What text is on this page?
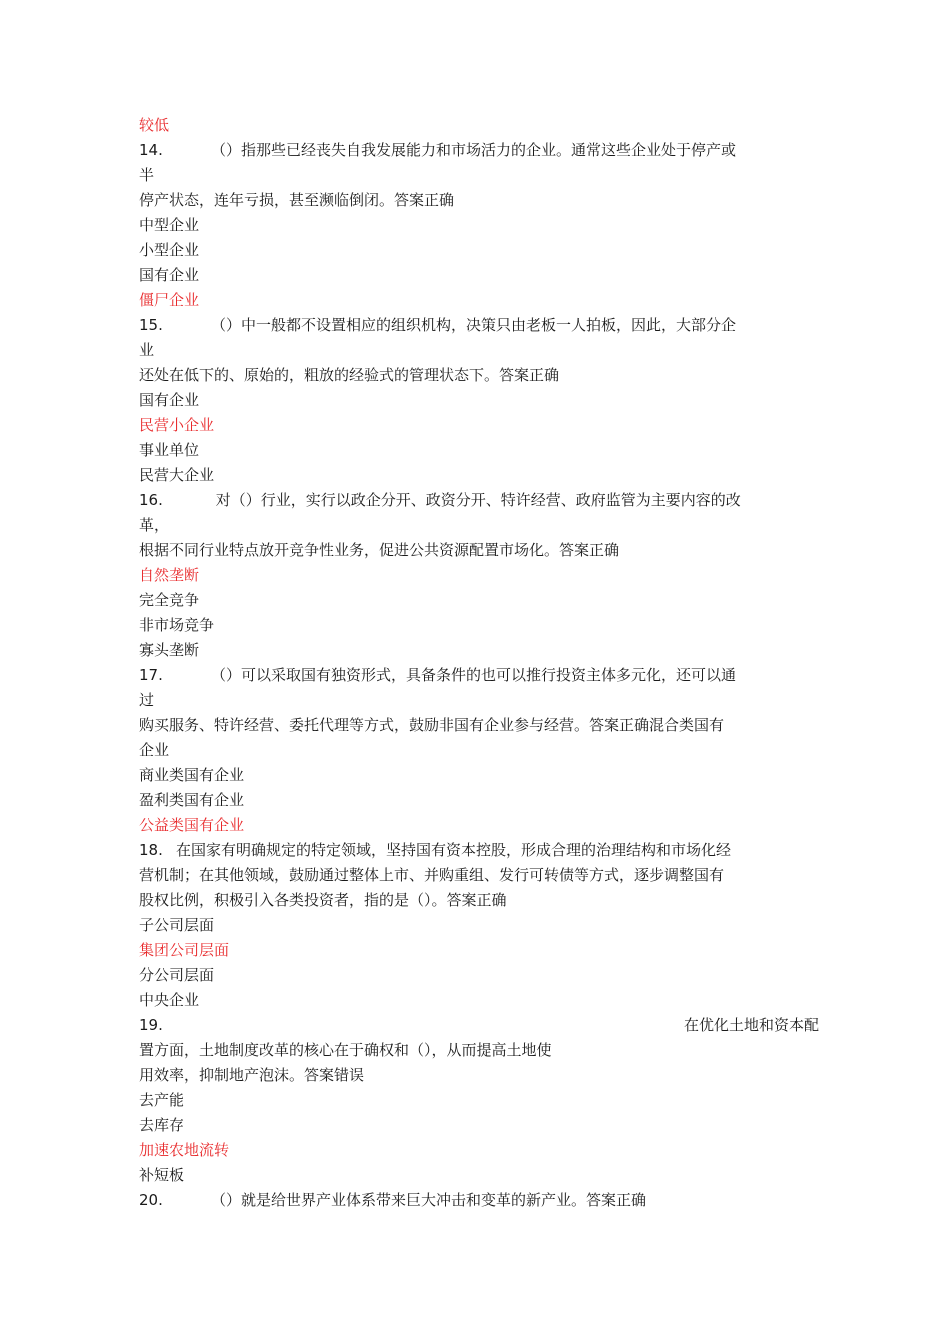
较低
14.	（）指那些已经丧失自我发展能力和市场活力的企业。通常这些企业处于停产或
半
停产状态，连年亏损，甚至濒临倒闭。答案正确
中型企业
小型企业
国有企业
僵尸企业
15.	（）中一般都不设置相应的组织机构，决策只由老板一人拍板，因此，大部分企
业
还处在低下的、原始的，粗放的经验式的管理状态下。答案正确
国有企业
民营小企业
事业单位
民营大企业
16.	对（）行业，实行以政企分开、政资分开、特许经营、政府监管为主要内容的改
革，
根据不同行业特点放开竞争性业务，促进公共资源配置市场化。答案正确
自然垄断
完全竞争
非市场竞争
寡头垄断
17.	（）可以采取国有独资形式，具备条件的也可以推行投资主体多元化，还可以通
过
购买服务、特许经营、委托代理等方式，鼓励非国有企业参与经营。答案正确混合类国有
企业
商业类国有企业
盈利类国有企业
公益类国有企业
18. 在国家有明确规定的特定领域，坚持国有资本控股，形成合理的治理结构和市场化经
营机制；在其他领域，鼓励通过整体上市、并购重组、发行可转债等方式，逐步调整国有
股权比例，积极引入各类投资者，指的是（）。答案正确
子公司层面
集团公司层面
分公司层面
中央企业
19.	在优化土地和资本配
置方面，土地制度改革的核心在于确权和（），从而提高土地使
用效率，抑制地产泡沫。答案错误
去产能
去库存
加速农地流转
补短板
20.	（）就是给世界产业体系带来巨大冲击和变革的新产业。答案正确
